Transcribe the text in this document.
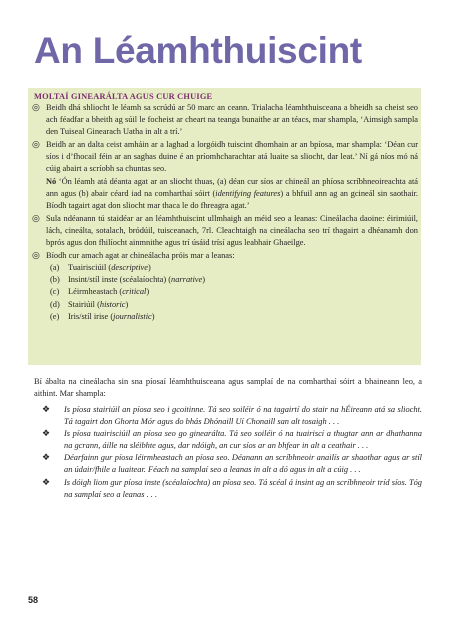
An Léamhthuiscint
MOLTAÍ GINEARÁLTA AGUS CUR CHUIGE
◎ Beidh dhá shliocht le léamh sa scrúdú ar 50 marc an ceann. Trialacha léamhthuisceana a bheidh sa cheist seo ach féadfar a bheith ag súil le focheist ar cheart na teanga bunaithe ar an téacs, mar shampla, ‘Aimsigh sampla den Tuiseal Ginearach Uatha in alt a trí.’
◎ Beidh ar an dalta ceist amháin ar a laghad a lorgóidh tuiscint dhomhain ar an bpíosa, mar shampla: ‘Déan cur síos i d’fhocail féin ar an saghas duine é an príomhcharachtar atá luaite sa sliocht, dar leat.’ Ní gá níos mó ná cúig abairt a scríobh sa chuntas seo.

Nó ‘Ón léamh atá déanta agat ar an sliocht thuas, (a) déan cur síos ar chineál an phíosa scríbhneoireachta atá ann agus (b) abair céard iad na comharthaí sóirt (identifying features) a bhfuil ann ag an gcineál sin saothair. Bíodh tagairt agat don sliocht mar thaca le do fhreagra agat.’

◎ Sula ndéanann tú staidéar ar an léamhthuiscint ullmhaigh an méid seo a leanas: Cineálacha daoine: éirimiúil, lách, cineálta, sotalach, bródúil, tuisceanach, 7rl. Cleachtaigh na cineálacha seo trí thagairt a dhéanamh don bprós agus don fhilíocht ainmnithe agus trí úsáid trísí agus leabhair Ghaeilge.
◎ Bíodh cur amach agat ar chineálacha próis mar a leanas:
(a) Tuairisciúil (descriptive)
(b) Insint/stíl inste (scéalaíochta) (narrative)
(c) Léirmheastach (critical)
(d) Stairiúil (historic)
(e) Iris/stíl irise (journalistic)

Bí ábalta na cineálacha sin sna píosaí léamhthuisceana agus samplaí de na comharthaí sóirt a bhaineann leo, a aithint. Mar shampla:

❖ Is píosa stairiúil an píosa seo i gcoitinne. Tá seo soiléir ó na tagairtí do stair na hÉireann atá sa sliocht. Tá tagairt don Ghorta Mór agus do bhás Dhónaill Uí Chonaill san alt tosaigh . . .
❖ Is píosa tuairisciúil an píosa seo go ginearálta. Tá seo soiléir ó na tuairiscí a thugtar ann ar dhathanna na gcrann, áille na sléibhte agus, dar ndóigh, an cur síos ar an bhfear in alt a ceathair . . .
❖ Déarfainn gur píosa léirmheastach an píosa seo. Déanann an scríbhneoir anailís ar shaothar agus ar stíl an údair/fhile a luaitear. Féach na samplaí seo a leanas in alt a dó agus in alt a cúig . . .
❖ Is dóigh liom gur píosa inste (scéalaíochta) an píosa seo. Tá scéal á insint ag an scríbhneoir tríd síos. Tóg na samplaí seo a leanas . . .
58
